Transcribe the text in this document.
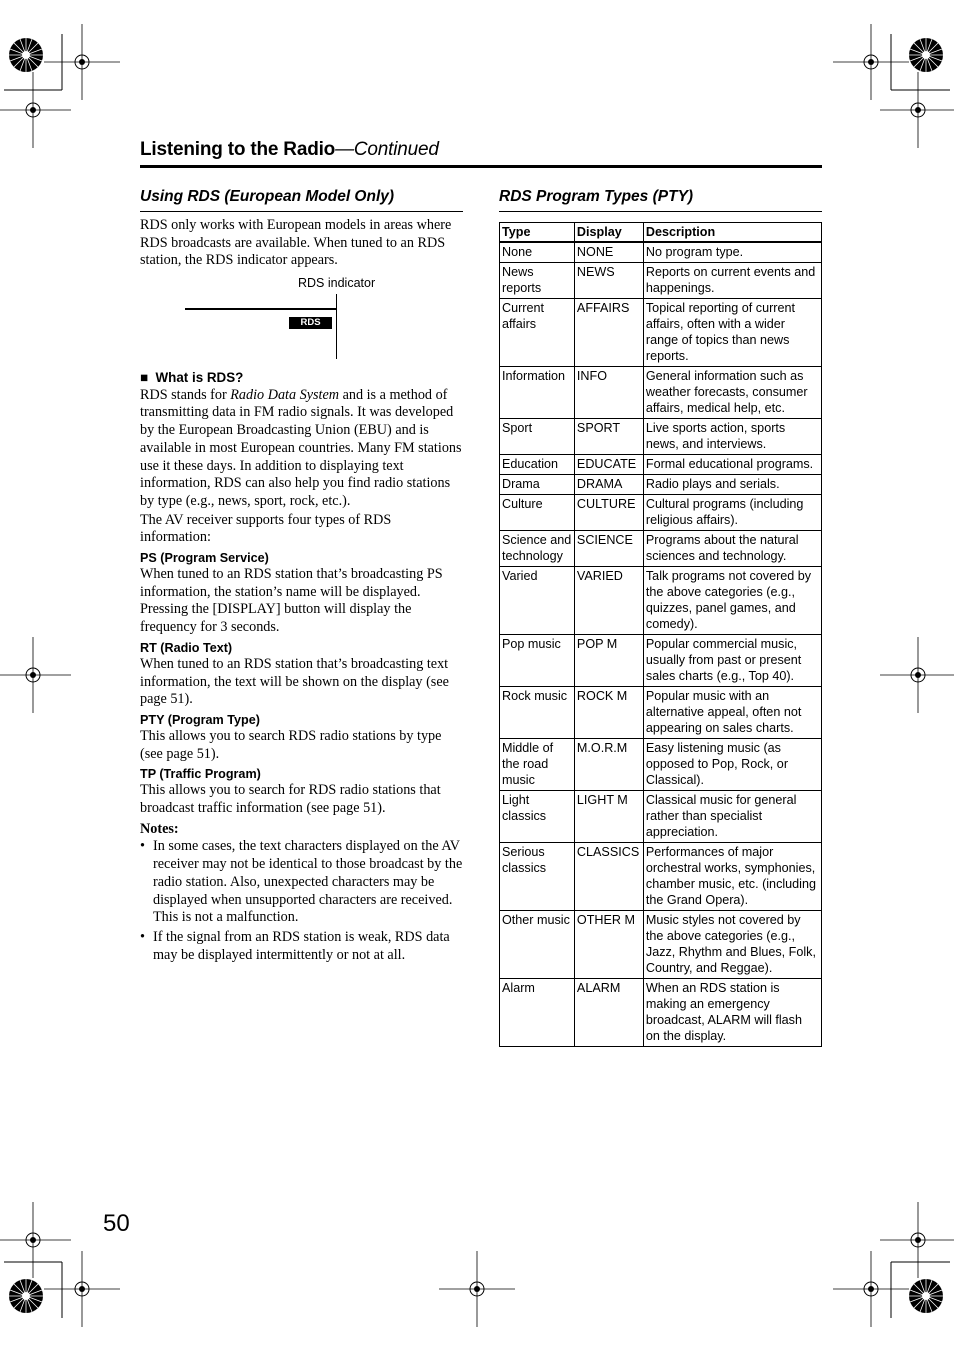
Listening to the Radio—Continued
Using RDS (European Model Only)	RDS Program Types (PTY)

RDS only works with European models in areas where RDS broadcasts are available. When tuned to an RDS station, the RDS indicator appears.

RDS indicator
RDS

■ What is RDS?

RDS stands for Radio Data System and is a method of transmitting data in FM radio signals. It was developed by the European Broadcasting Union (EBU) and is available in most European countries. Many FM stations use it these days. In addition to displaying text information, RDS can also help you find radio stations by type (e.g., news, sport, rock, etc.).

The AV receiver supports four types of RDS information:

PS (Program Service)

When tuned to an RDS station that’s broadcasting PS information, the station’s name will be displayed. Pressing the [DISPLAY] button will display the frequency for 3 seconds.

RT (Radio Text)

When tuned to an RDS station that’s broadcasting text information, the text will be shown on the display (see page 51).

PTY (Program Type)

This allows you to search RDS radio stations by type (see page 51).

TP (Traffic Program)

This allows you to search for RDS radio stations that broadcast traffic information (see page 51).

Notes:

• In some cases, the text characters displayed on the AV receiver may not be identical to those broadcast by the radio station. Also, unexpected characters may be displayed when unsupported characters are received. This is not a malfunction.

• If the signal from an RDS station is weak, RDS data may be displayed intermittently or not at all.

Type	Display	Description
None	NONE	No program type.
News reports	NEWS	Reports on current events and happenings.
Current affairs	AFFAIRS	Topical reporting of current affairs, often with a wider range of topics than news reports.
Information	INFO	General information such as weather forecasts, consumer affairs, medical help, etc.
Sport	SPORT	Live sports action, sports news, and interviews.
Education	EDUCATE	Formal educational programs.
Drama	DRAMA	Radio plays and serials.
Culture	CULTURE	Cultural programs (including religious affairs).
Science and technology	SCIENCE	Programs about the natural sciences and technology.
Varied	VARIED	Talk programs not covered by the above categories (e.g., quizzes, panel games, and comedy).
Pop music	POP M	Popular commercial music, usually from past or present sales charts (e.g., Top 40).
Rock music	ROCK M	Popular music with an alternative appeal, often not appearing on sales charts.
Middle of the road music	M.O.R.M	Easy listening music (as opposed to Pop, Rock, or Classical).
Light classics	LIGHT M	Classical music for general rather than specialist appreciation.
Serious classics	CLASSICS	Performances of major orchestral works, symphonies, chamber music, etc. (including the Grand Opera).
Other music	OTHER M	Music styles not covered by the above categories (e.g., Jazz, Rhythm and Blues, Folk, Country, and Reggae).
Alarm	ALARM	When an RDS station is making an emergency broadcast, ALARM will flash on the display.
50
